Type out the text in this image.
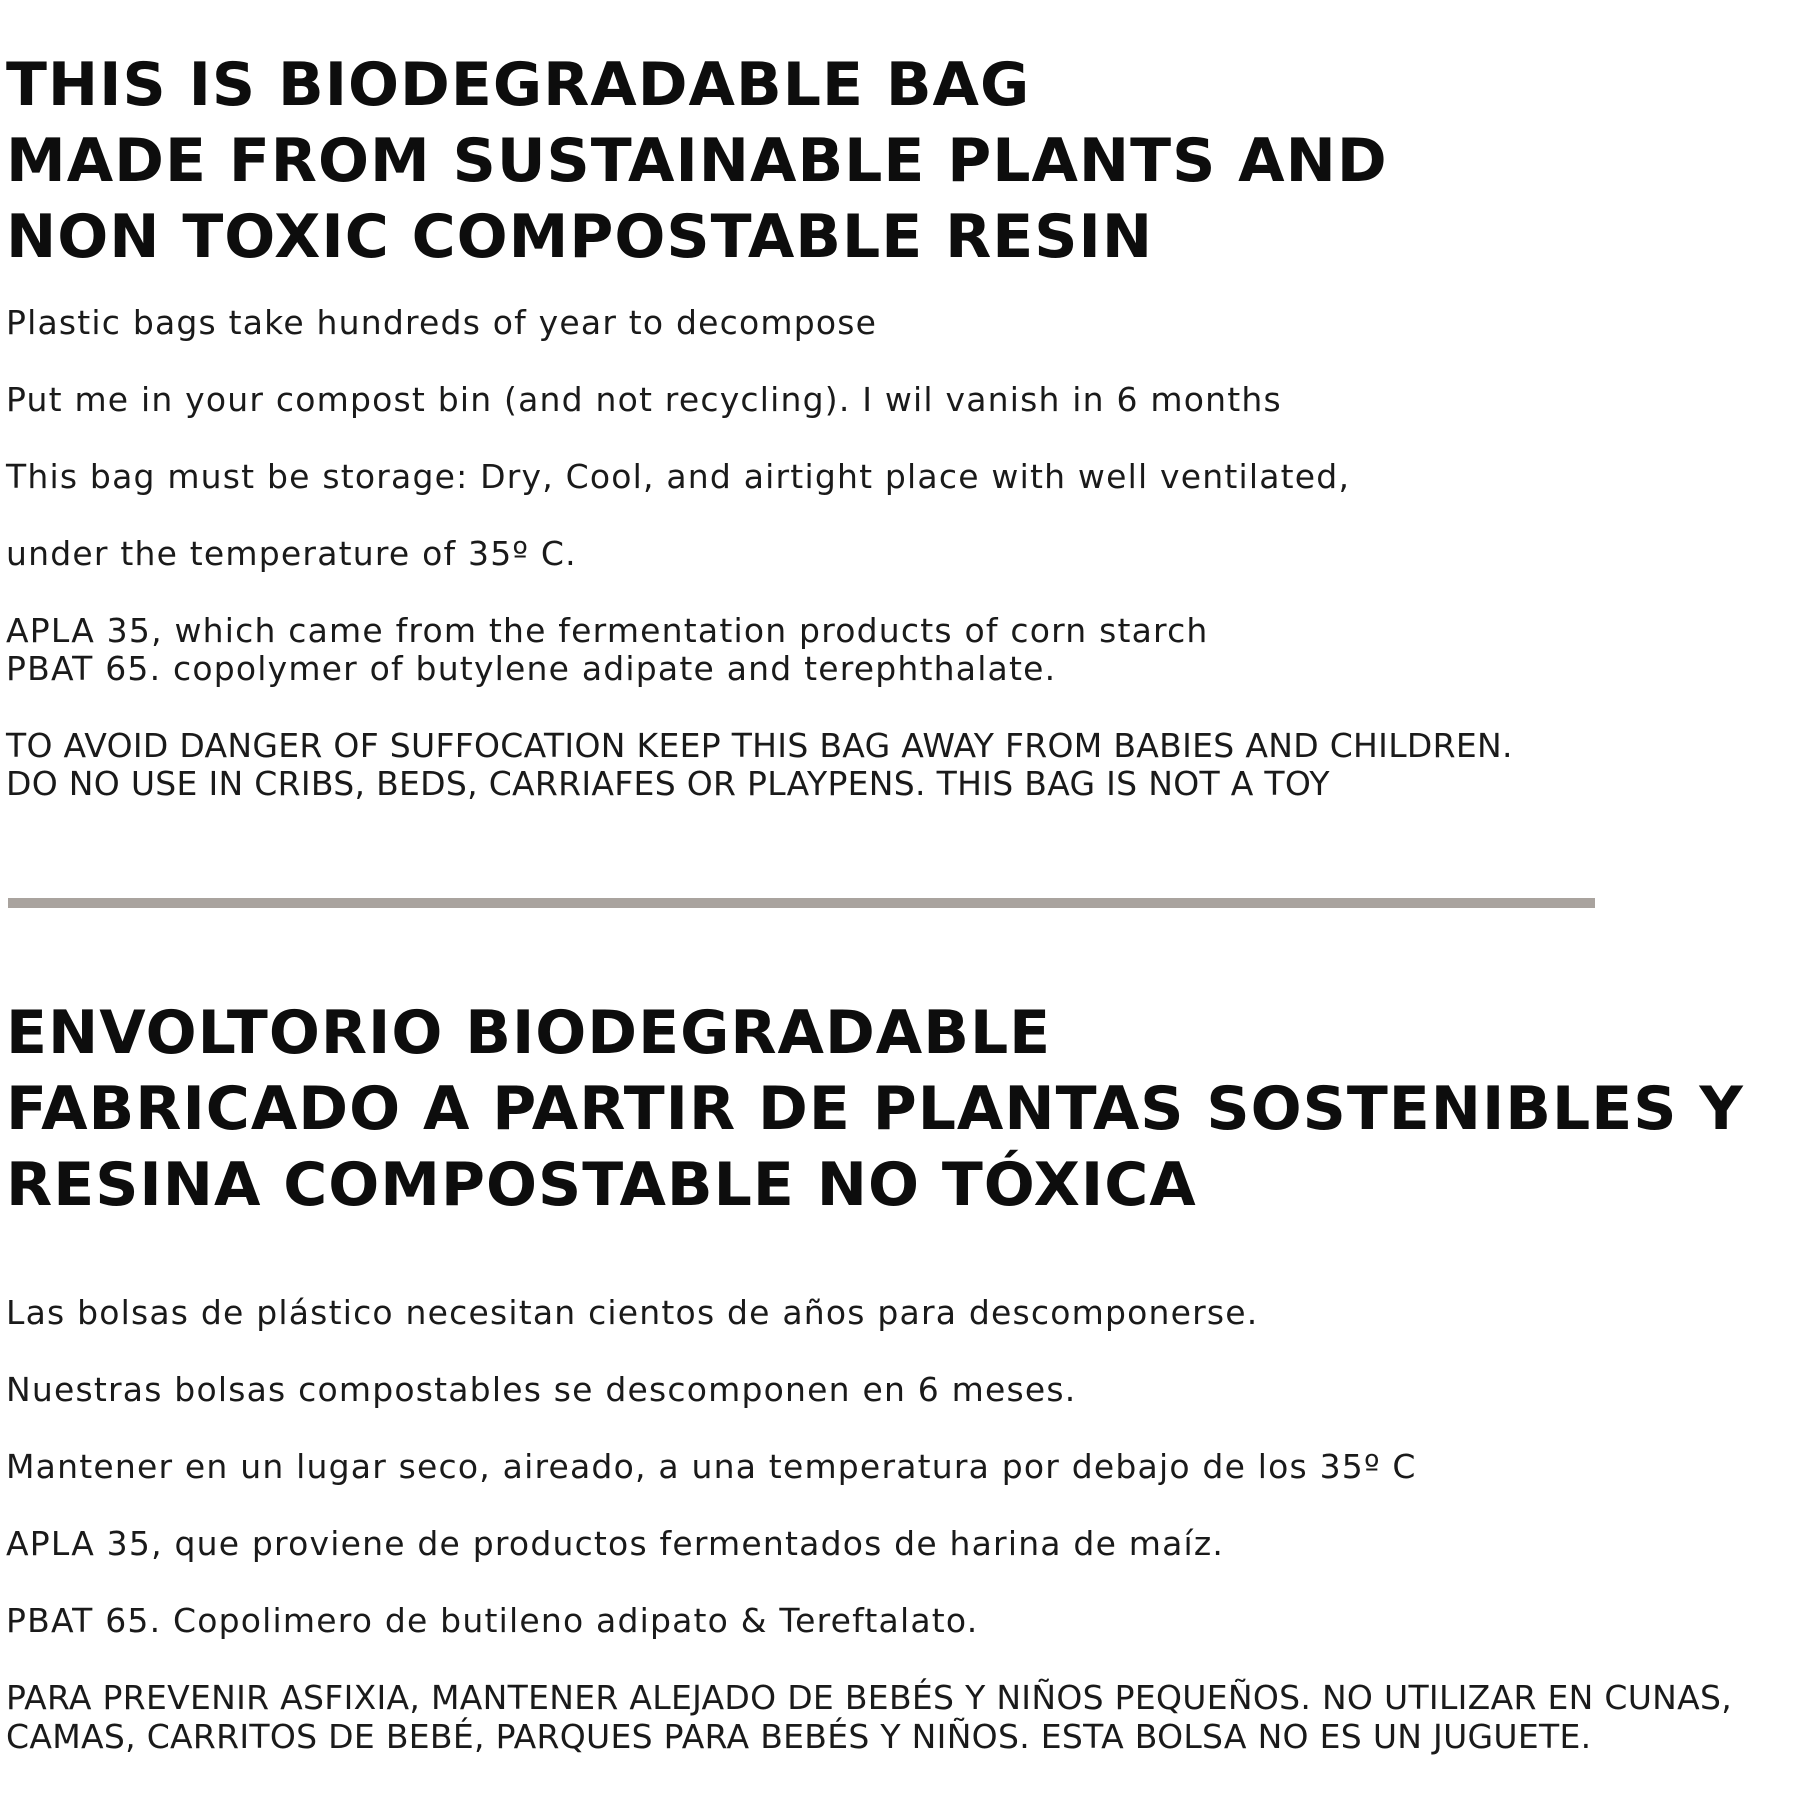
THIS IS BIODEGRADABLE BAG
MADE FROM SUSTAINABLE PLANTS AND
NON TOXIC COMPOSTABLE RESIN

Plastic bags take hundreds of year to decompose

Put me in your compost bin (and not recycling). I wil vanish in 6 months

This bag must be storage: Dry, Cool, and airtight place with well ventilated,

under the temperature of 35º C.

APLA 35, which came from the fermentation products of corn starch

PBAT 65. copolymer of butylene adipate and terephthalate.

TO AVOID DANGER OF SUFFOCATION KEEP THIS BAG AWAY FROM BABIES AND CHILDREN.

DO NO USE IN CRIBS, BEDS, CARRIAFES OR PLAYPENS. THIS BAG IS NOT A TOY

ENVOLTORIO BIODEGRADABLE
FABRICADO A PARTIR DE PLANTAS SOSTENIBLES Y
RESINA COMPOSTABLE NO TÓXICA

Las bolsas de plástico necesitan cientos de años para descomponerse.

Nuestras bolsas compostables se descomponen en 6 meses.

Mantener en un lugar seco, aireado, a una temperatura por debajo de los 35º C

APLA 35, que proviene de productos fermentados de harina de maíz.

PBAT 65. Copolimero de butileno adipato & Tereftalato.

PARA PREVENIR ASFIXIA, MANTENER ALEJADO DE BEBÉS Y NIÑOS PEQUEÑOS. NO UTILIZAR EN CUNAS,

CAMAS, CARRITOS DE BEBÉ, PARQUES PARA BEBÉS Y NIÑOS. ESTA BOLSA NO ES UN JUGUETE.
